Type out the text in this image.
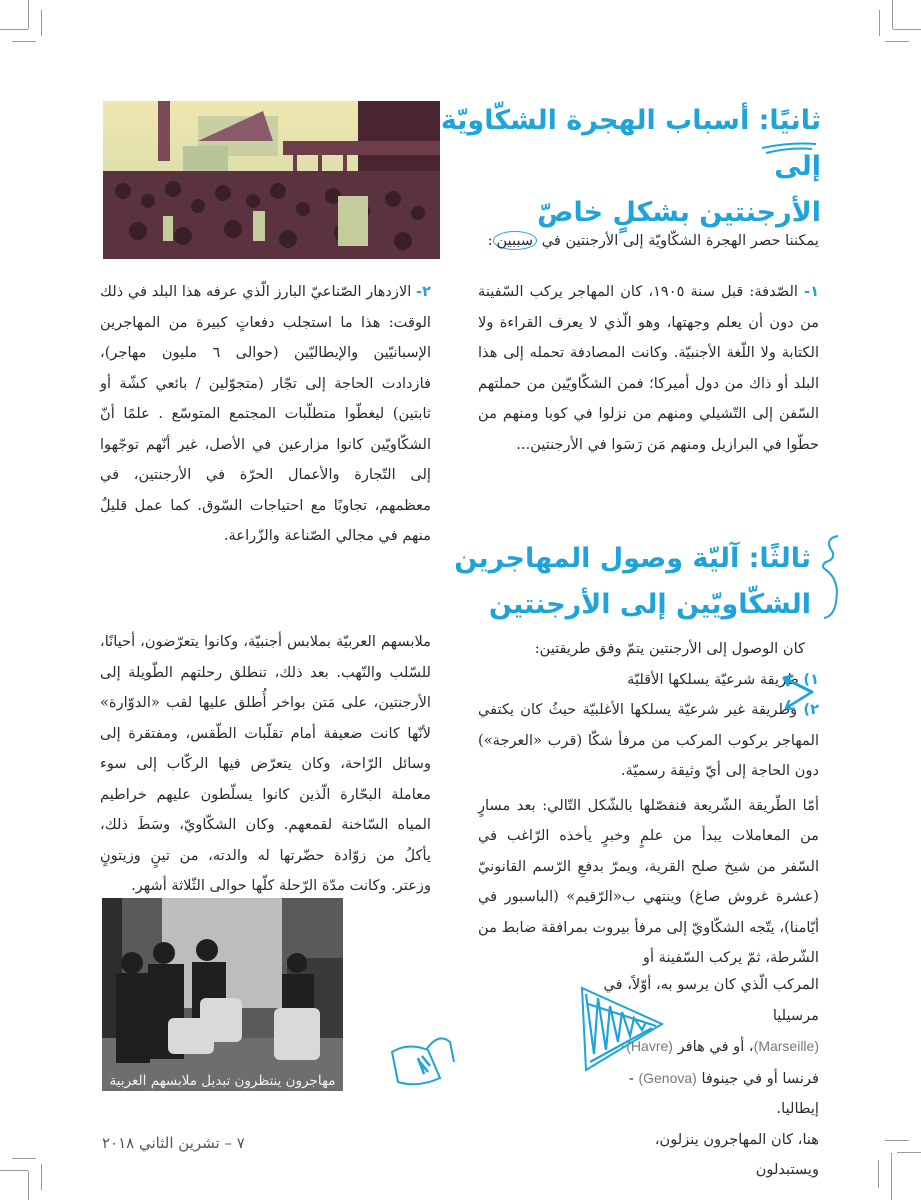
ثانيًا: أسباب الهجرة الشكّاويّة إلى
الأرجنتين بشكلٍ خاصّ
يمكننا حصر الهجرة الشكّاويّة إلى الأرجنتين في سببين:

١- الصّدفة: قبل سنة ١٩٠٥، كان المهاجر يركب السّفينة من دون أن يعلم وجهتها، وهو الّذي لا يعرف القراءة ولا الكتابة ولا اللّغة الأجنبيّة. وكانت المصادفة تحمله إلى هذا البلد أو ذاك من دول أميركا؛ فمن الشكّاويّين من حملتهم السّفن إلى التّشيلي ومنهم من نزلوا في كوبا ومنهم من حطّوا في البرازيل ومنهم مَن رَسَوا في الأرجنتين...

٢- الازدهار الصّناعيّ البارز الّذي عرفه هذا البلد في ذلك الوقت: هذا ما استجلب دفعاتٍ كبيرة من المهاجرين الإسبانيّين والإيطاليّين (حوالى ٦ مليون مهاجر)، فازدادت الحاجة إلى تجّار (متجوّلين / بائعي كشّة أو ثابتين) ليغطّوا متطلّبات المجتمع المتوسّع . علمًا أنّ الشكّاويّين كانوا مزارعين في الأصل، غير أنّهم توجّهوا إلى التّجارة والأعمال الحرّة في الأرجنتين، في معظمهم، تجاوبًا مع احتياجات السّوق. كما عمل قليلٌ منهم في مجالي الصّناعة والزّراعة.

ثالثًا: آليّة وصول المهاجرين
الشكّاويّين إلى الأرجنتين

كان الوصول إلى الأرجنتين يتمّ وفق طريقتين:

١) طريقة شرعيّة يسلكها الأقليّة

٢) وطريقة غير شرعيّة يسلكها الأغلبيّة حيثُ كان يكتفي المهاجر بركوب المركب من مرفأ شكّا (قرب «العرجة») دون الحاجة إلى أيّ وثيقة رسميّة.

أمّا الطّريقة الشّريعة فنفصّلها بالشّكل التّالي: بعد مسارٍ من المعاملات يبدأ من علمٍ وخبرٍ يأخذه الرّاغب في السّفر من شيخ صلح القرية، ويمرّ بدفعِ الرّسم القانونيّ (عشرة غروش صاغ) وينتهي ب«الرّقيم» (الباسبور في أيّامنا)، يتّجه الشكّاويّ إلى مرفأ بيروت بمرافقة ضابط من الشّرطة، ثمّ يركب السّفينة أو

المركب الّذي كان يرسو به، أوّلاً، في مرسيليا

(Marseille)، أو في هافر (Havre)-

فرنسا أو في جينوفا (Genova) - إيطاليا.

هنا، كان المهاجرون ينزلون، ويستبدلون

ملابسهم العربيّة بملابس أجنبيّة، وكانوا يتعرّضون، أحيانًا، للسّلب والنّهب. بعد ذلك، تنطلق رحلتهم الطّويلة إلى الأرجنتين، على مَتن بواخر أُطلق عليها لقب «الدوّارة» لأنّها كانت ضعيفة أمام تقلّبات الطّقس، ومفتقرة إلى وسائل الرّاحة، وكان يتعرّض فيها الركّاب إلى سوء معاملة البحّارة الّذين كانوا يسلّطون عليهم خراطيم المياه السّاخنة لقمعهم. وكان الشكّاويّ، وسَطَ ذلك، يأكلُ من زوّادة حضّرتها له والدته، من تينٍ وزيتونٍ وزعتر. وكانت مدّة الرّحلة كلّها حوالى الثّلاثة أشهر.

مهاجرون ينتظرون تبديل ملابسهم العربية
٧ – تشرين الثاني ٢٠١٨
